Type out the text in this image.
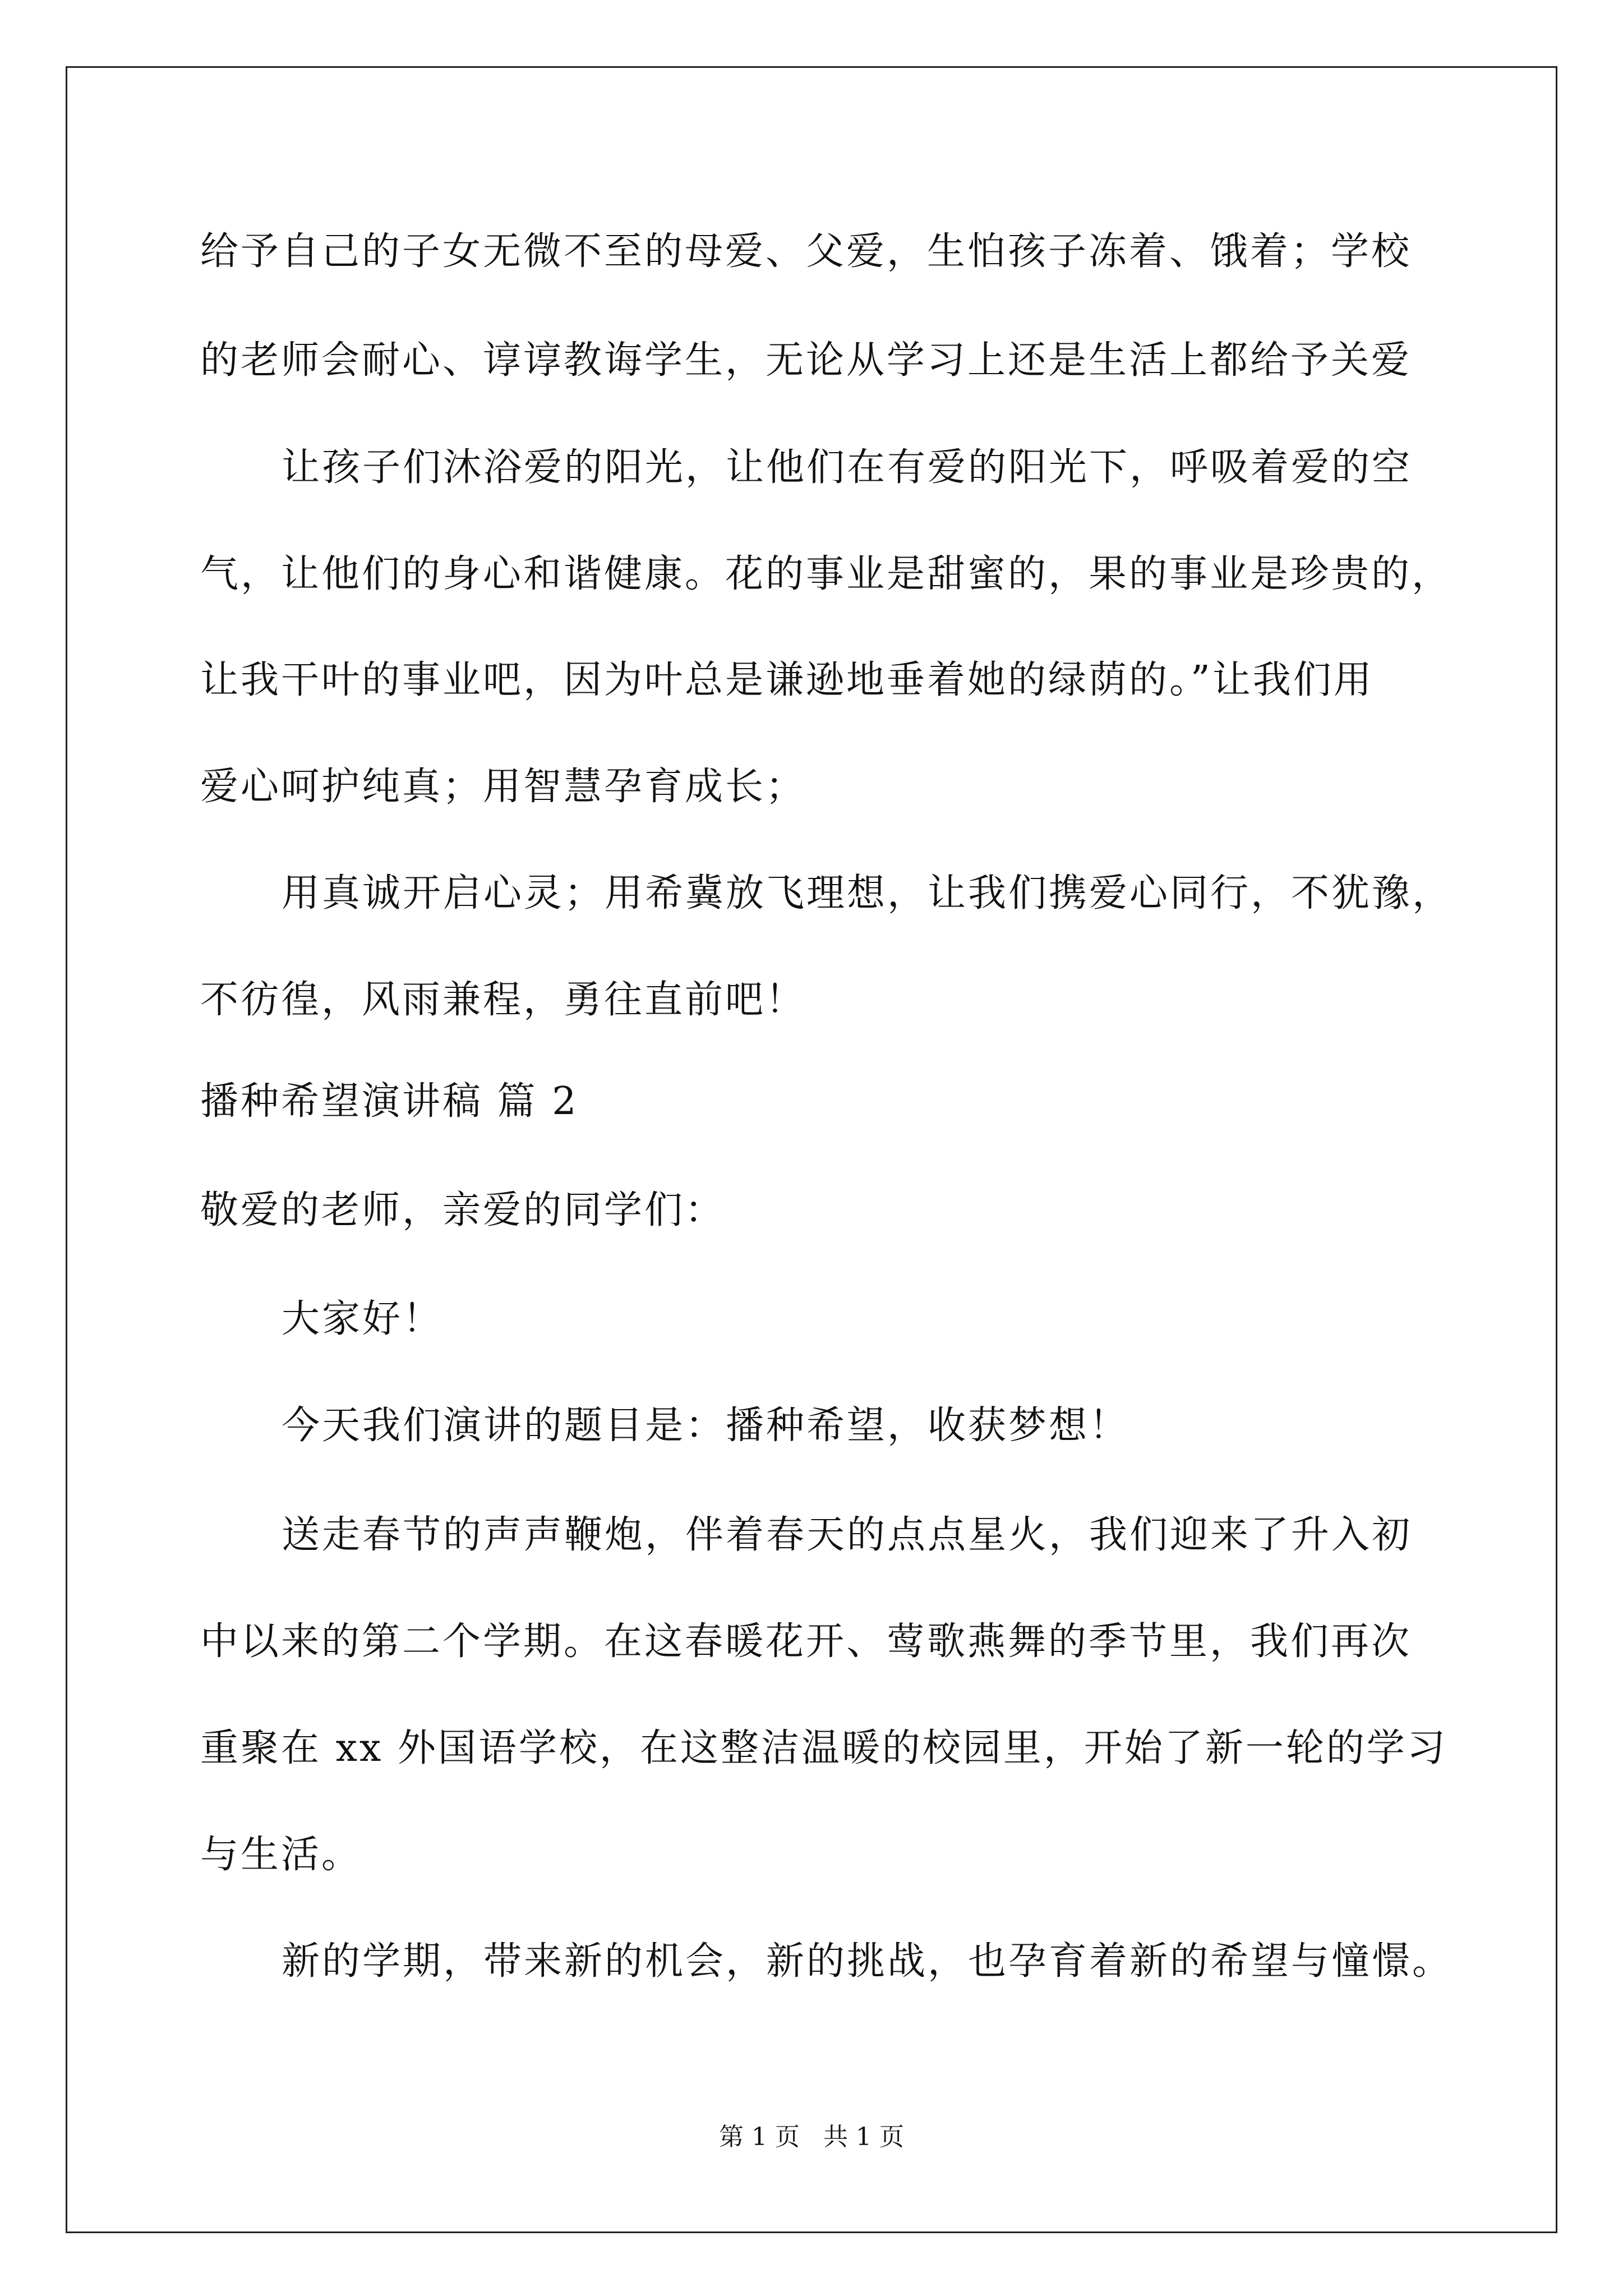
给予自己的子女无微不至的母爱、父爱，生怕孩子冻着、饿着；学校
的老师会耐心、谆谆教诲学生，无论从学习上还是生活上都给予关爱
让孩子们沐浴爱的阳光，让他们在有爱的阳光下，呼吸着爱的空
气，让他们的身心和谐健康。花的事业是甜蜜的，果的事业是珍贵的，
让我干叶的事业吧，因为叶总是谦逊地垂着她的绿荫的。”让我们用
爱心呵护纯真；用智慧孕育成长；
用真诚开启心灵；用希冀放飞理想，让我们携爱心同行，不犹豫，
不彷徨，风雨兼程，勇往直前吧！
播种希望演讲稿 篇 2
敬爱的老师，亲爱的同学们：
大家好！
今天我们演讲的题目是：播种希望，收获梦想！
送走春节的声声鞭炮，伴着春天的点点星火，我们迎来了升入初
中以来的第二个学期。在这春暖花开、莺歌燕舞的季节里，我们再次
重聚在 xx 外国语学校，在这整洁温暖的校园里，开始了新一轮的学习
与生活。
新的学期，带来新的机会，新的挑战，也孕育着新的希望与憧憬。
第 1 页   共 1 页
